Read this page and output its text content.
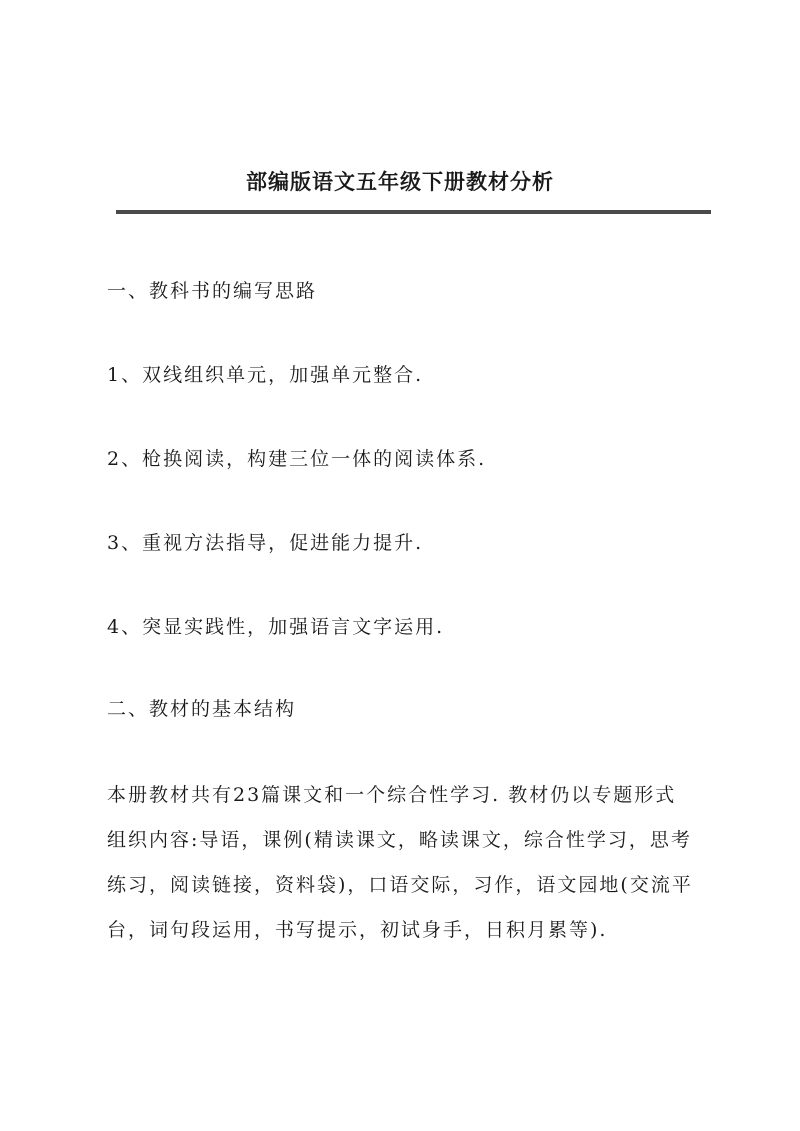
部编版语文五年级下册教材分析
一、教科书的编写思路
1、双线组织单元，加强单元整合.
2、枪换阅读，构建三位一体的阅读体系.
3、重视方法指导，促进能力提升.
4、突显实践性，加强语言文字运用.
二、教材的基本结构
本册教材共有23篇课文和一个综合性学习. 教材仍以专题形式
组织内容:导语，课例(精读课文，略读课文，综合性学习，思考
练习，阅读链接，资料袋)，口语交际，习作，语文园地(交流平
台，词句段运用，书写提示，初试身手，日积月累等).
